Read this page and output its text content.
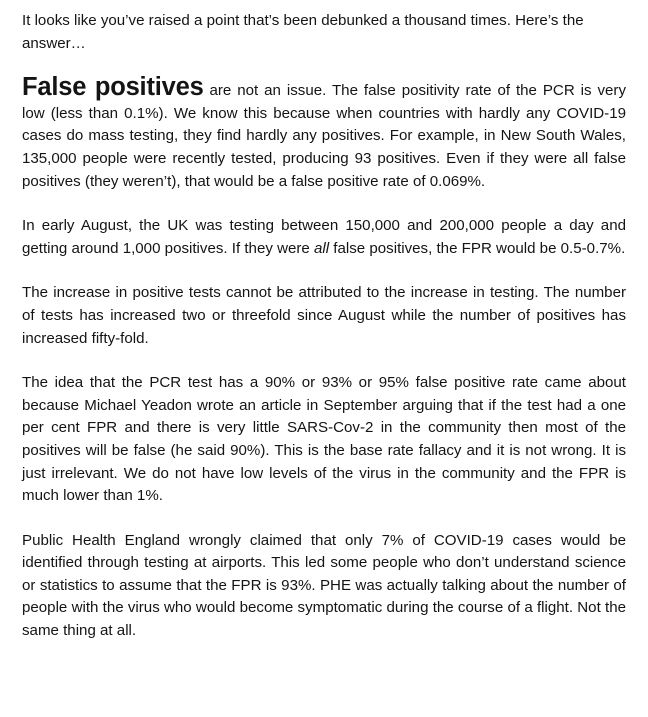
It looks like you’ve raised a point that’s been debunked a thousand times. Here’s the answer…

False positives are not an issue. The false positivity rate of the PCR is very low (less than 0.1%). We know this because when countries with hardly any COVID-19 cases do mass testing, they find hardly any positives. For example, in New South Wales, 135,000 people were recently tested, producing 93 positives. Even if they were all false positives (they weren’t), that would be a false positive rate of 0.069%.

In early August, the UK was testing between 150,000 and 200,000 people a day and getting around 1,000 positives. If they were all false positives, the FPR would be 0.5-0.7%.

The increase in positive tests cannot be attributed to the increase in testing. The number of tests has increased two or threefold since August while the number of positives has increased fifty-fold.

The idea that the PCR test has a 90% or 93% or 95% false positive rate came about because Michael Yeadon wrote an article in September arguing that if the test had a one per cent FPR and there is very little SARS-Cov-2 in the community then most of the positives will be false (he said 90%). This is the base rate fallacy and it is not wrong. It is just irrelevant. We do not have low levels of the virus in the community and the FPR is much lower than 1%.

Public Health England wrongly claimed that only 7% of COVID-19 cases would be identified through testing at airports. This led some people who don’t understand science or statistics to assume that the FPR is 93%. PHE was actually talking about the number of people with the virus who would become symptomatic during the course of a flight. Not the same thing at all.
